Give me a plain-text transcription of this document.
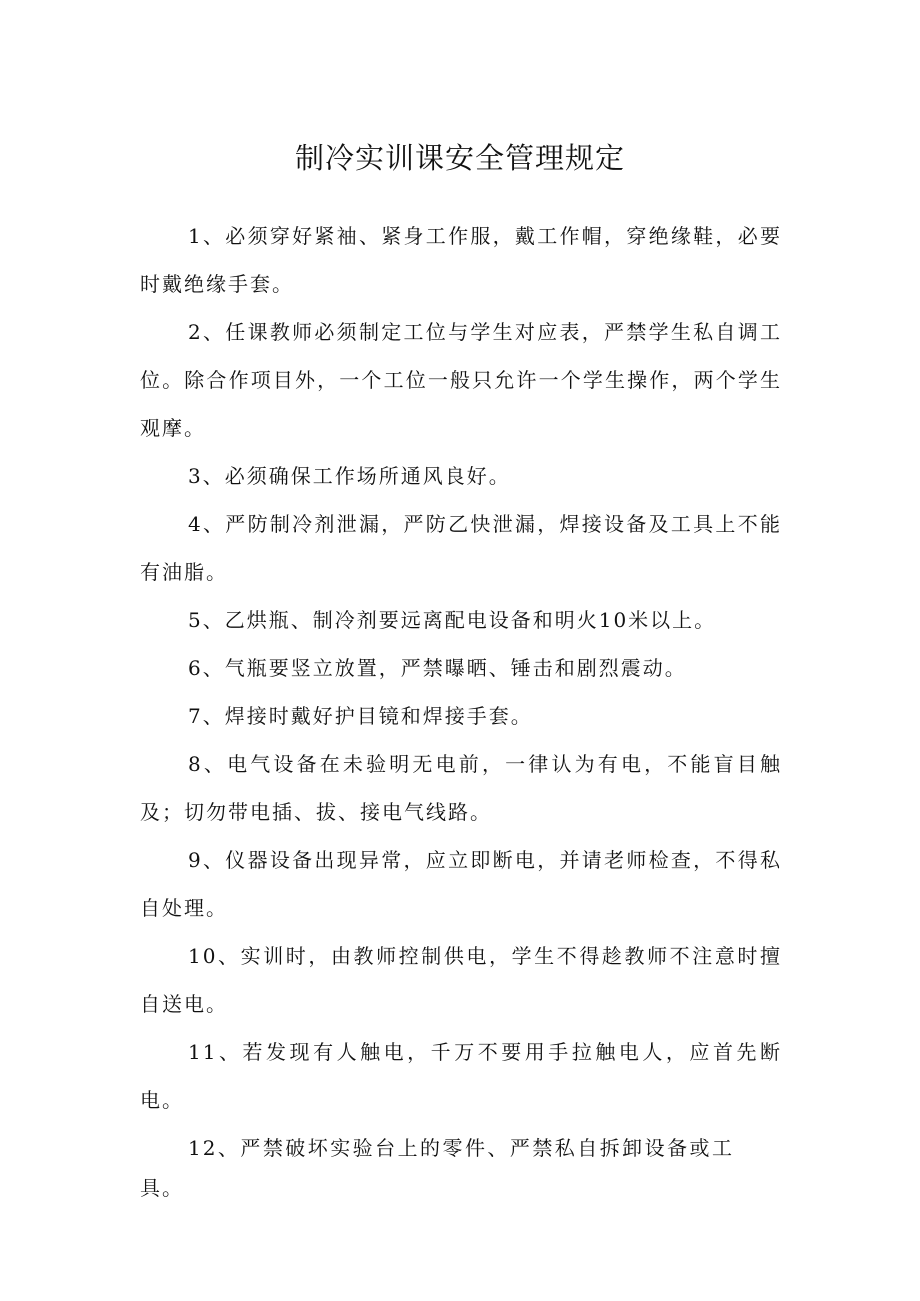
制冷实训课安全管理规定

1、必须穿好紧袖、紧身工作服，戴工作帽，穿绝缘鞋，必要时戴绝缘手套。

2、任课教师必须制定工位与学生对应表，严禁学生私自调工位。除合作项目外，一个工位一般只允许一个学生操作，两个学生观摩。

3、必须确保工作场所通风良好。

4、严防制冷剂泄漏，严防乙快泄漏，焊接设备及工具上不能有油脂。

5、乙烘瓶、制冷剂要远离配电设备和明火10米以上。

6、气瓶要竖立放置，严禁曝晒、锤击和剧烈震动。

7、焊接时戴好护目镜和焊接手套。

8、电气设备在未验明无电前，一律认为有电，不能盲目触及；切勿带电插、拔、接电气线路。

9、仪器设备出现异常，应立即断电，并请老师检查，不得私自处理。

10、实训时，由教师控制供电，学生不得趁教师不注意时擅自送电。

11、若发现有人触电，千万不要用手拉触电人，应首先断电。

12、严禁破坏实验台上的零件、严禁私自拆卸设备或工具。
